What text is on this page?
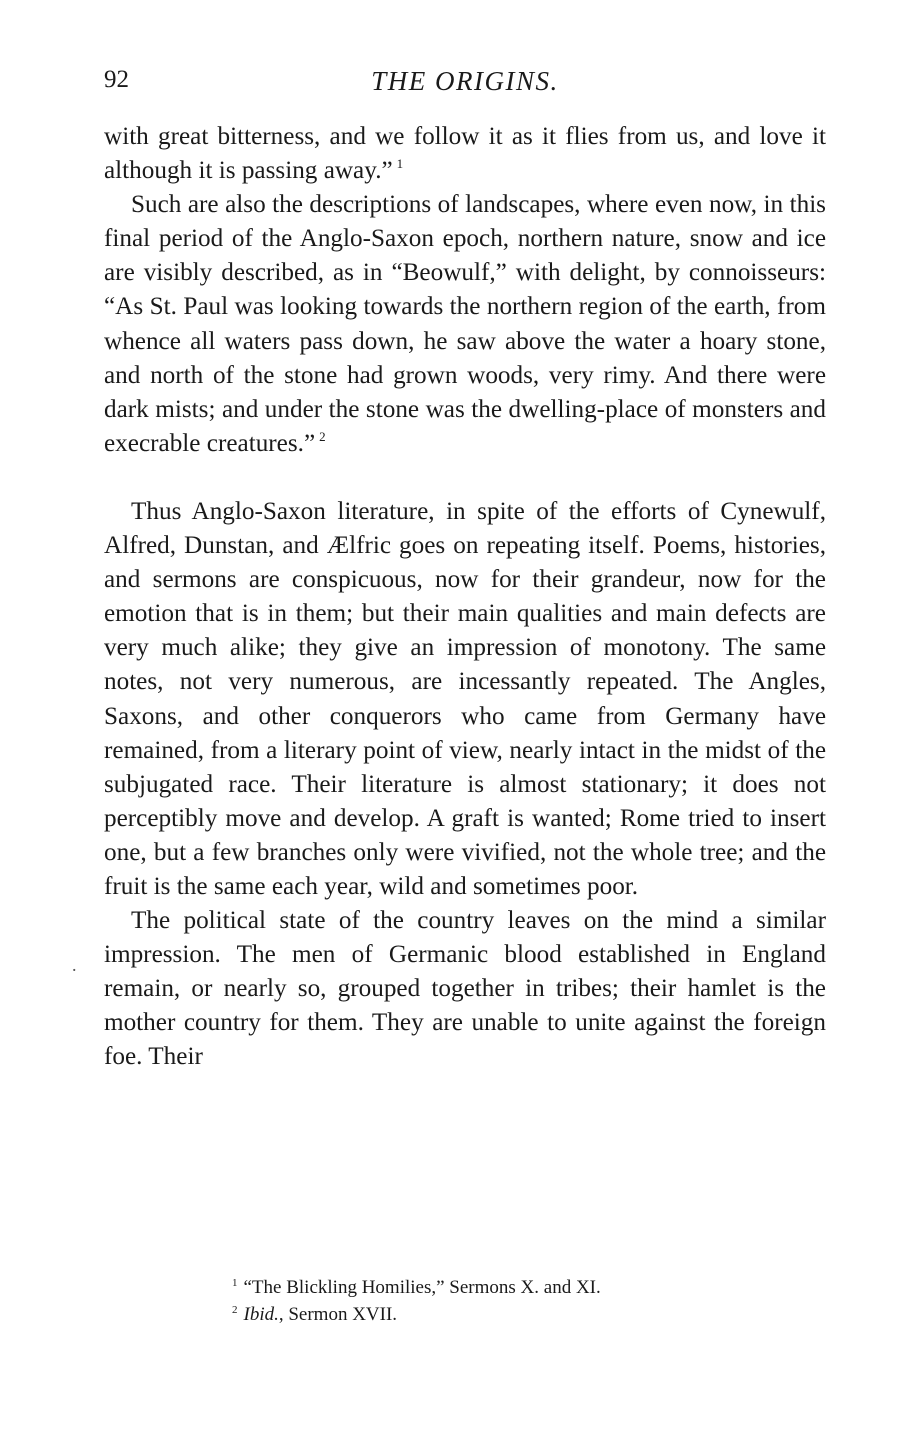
92	THE ORIGINS.

with great bitterness, and we follow it as it flies from us, and love it although it is passing away.” $^1$

Such are also the descriptions of landscapes, where even now, in this final period of the Anglo-Saxon epoch, northern nature, snow and ice are visibly described, as in “Beowulf,” with delight, by connoisseurs: “As St. Paul was looking towards the northern region of the earth, from whence all waters pass down, he saw above the water a hoary stone, and north of the stone had grown woods, very rimy. And there were dark mists; and under the stone was the dwelling-place of monsters and execrable creatures.” $^2$

Thus Anglo-Saxon literature, in spite of the efforts of Cynewulf, Alfred, Dunstan, and Ælfric goes on repeating itself. Poems, histories, and sermons are conspicuous, now for their grandeur, now for the emotion that is in them; but their main qualities and main defects are very much alike; they give an impression of monotony. The same notes, not very numerous, are incessantly repeated. The Angles, Saxons, and other conquerors who came from Germany have remained, from a literary point of view, nearly intact in the midst of the subjugated race. Their literature is almost stationary; it does not perceptibly move and develop. A graft is wanted; Rome tried to insert one, but a few branches only were vivified, not the whole tree; and the fruit is the same each year, wild and sometimes poor.

The political state of the country leaves on the mind a similar impression. The men of Germanic blood established in England remain, or nearly so, grouped together in tribes; their hamlet is the mother country for them. They are unable to unite against the foreign foe. Their

.

$^1$ “The Blickling Homilies,” Sermons X. and XI.

$^2$ Ibid., Sermon XVII.
